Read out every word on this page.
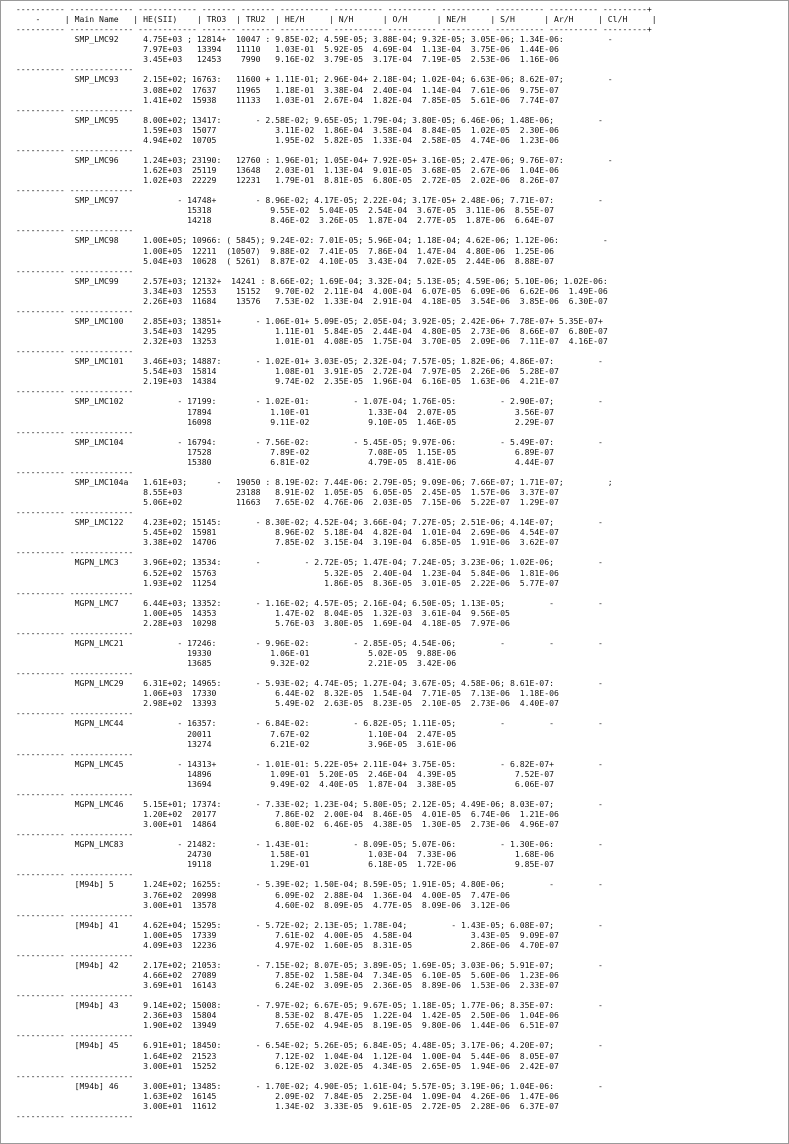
---------- ------------- ------------ ------- ------- ---------- ---------- ---------- ---------- ---------- ---------- ---------+
-     | Main Name   | HE(SII)    | TRO3  | TRU2  | HE/H     | N/H      | O/H      | NE/H     | S/H      | Ar/H     | Cl/H     |
---------- ------------- ------------ ------- ------- ---------- ---------- ---------- ---------- ---------- ---------- ---------+
SMP_LMC92     4.75E+03 ; 12814+  10047 : 9.85E-02; 4.59E-05; 3.88E-04; 9.32E-05; 3.05E-06; 1.34E-06:         -
7.97E+03   13394   11110   1.03E-01  5.92E-05  4.69E-04  1.13E-04  3.75E-06  1.44E-06
3.45E+03   12453    7990   9.16E-02  3.79E-05  3.17E-04  7.19E-05  2.53E-06  1.16E-06
---------- -------------
SMP_LMC93     2.15E+02; 16763:   11600 + 1.11E-01; 2.96E-04+ 2.18E-04; 1.02E-04; 6.63E-06; 8.62E-07;         -
3.08E+02  17637    11965   1.18E-01  3.38E-04  2.40E-04  1.14E-04  7.61E-06  9.75E-07
1.41E+02  15938    11133   1.03E-01  2.67E-04  1.82E-04  7.85E-05  5.61E-06  7.74E-07
---------- -------------
SMP_LMC95     8.00E+02; 13417:       - 2.58E-02; 9.65E-05; 1.79E-04; 3.80E-05; 6.46E-06; 1.48E-06;         -
1.59E+03  15077            3.11E-02  1.86E-04  3.58E-04  8.84E-05  1.02E-05  2.30E-06
4.94E+02  10705            1.95E-02  5.82E-05  1.33E-04  2.58E-05  4.74E-06  1.23E-06
---------- -------------
SMP_LMC96     1.24E+03; 23190:   12760 : 1.96E-01; 1.05E-04+ 7.92E-05+ 3.16E-05; 2.47E-06; 9.76E-07:         -
1.62E+03  25119    13648   2.03E-01  1.13E-04  9.01E-05  3.68E-05  2.67E-06  1.04E-06
1.02E+03  22229    12231   1.79E-01  8.81E-05  6.80E-05  2.72E-05  2.02E-06  8.26E-07
---------- -------------
SMP_LMC97            - 14748+        - 8.96E-02; 4.17E-05; 2.22E-04; 3.17E-05+ 2.48E-06; 7.71E-07:         -
15318            9.55E-02  5.04E-05  2.54E-04  3.67E-05  3.11E-06  8.55E-07
14218            8.46E-02  3.26E-05  1.87E-04  2.77E-05  1.87E-06  6.64E-07
---------- -------------
SMP_LMC98     1.00E+05; 10966: ( 5845); 9.24E-02: 7.01E-05; 5.96E-04; 1.18E-04; 4.62E-06; 1.12E-06:         -
1.00E+05  12211  (10507)  9.88E-02  7.41E-05  7.86E-04  1.47E-04  4.80E-06  1.25E-06
5.04E+03  10628  ( 5261)  8.87E-02  4.10E-05  3.43E-04  7.02E-05  2.44E-06  8.88E-07
---------- -------------
SMP_LMC99     2.57E+03; 12132+  14241 : 8.66E-02; 1.69E-04; 3.32E-04; 5.13E-05; 4.59E-06; 5.10E-06; 1.02E-06:
3.34E+03  12553    15152   9.70E-02  2.11E-04  4.00E-04  6.07E-05  6.09E-06  6.62E-06  1.49E-06
2.26E+03  11684    13576   7.53E-02  1.33E-04  2.91E-04  4.18E-05  3.54E-06  3.85E-06  6.30E-07
---------- -------------
SMP_LMC100    2.85E+03; 13851+       - 1.06E-01+ 5.09E-05; 2.05E-04; 3.92E-05; 2.42E-06+ 7.78E-07+ 5.35E-07+
3.54E+03  14295            1.11E-01  5.84E-05  2.44E-04  4.80E-05  2.73E-06  8.66E-07  6.80E-07
2.32E+03  13253            1.01E-01  4.08E-05  1.75E-04  3.70E-05  2.09E-06  7.11E-07  4.16E-07
---------- -------------
SMP_LMC101    3.46E+03; 14887:       - 1.02E-01+ 3.03E-05; 2.32E-04; 7.57E-05; 1.82E-06; 4.86E-07:         -
5.54E+03  15814            1.08E-01  3.91E-05  2.72E-04  7.97E-05  2.26E-06  5.28E-07
2.19E+03  14384            9.74E-02  2.35E-05  1.96E-04  6.16E-05  1.63E-06  4.21E-07
---------- -------------
SMP_LMC102           - 17199:        - 1.02E-01:         - 1.07E-04; 1.76E-05:         - 2.90E-07;         -
17894            1.10E-01            1.33E-04  2.07E-05            3.56E-07
16098            9.11E-02            9.10E-05  1.46E-05            2.29E-07
---------- -------------
SMP_LMC104           - 16794:        - 7.56E-02:         - 5.45E-05; 9.97E-06:         - 5.49E-07:         -
17528            7.89E-02            7.08E-05  1.15E-05            6.89E-07
15380            6.81E-02            4.79E-05  8.41E-06            4.44E-07
---------- -------------
SMP_LMC104a   1.61E+03;      -   19050 : 8.19E-02: 7.44E-06: 2.79E-05; 9.09E-06; 7.66E-07; 1.71E-07;         ;
8.55E+03           23188   8.91E-02  1.05E-05  6.05E-05  2.45E-05  1.57E-06  3.37E-07
5.06E+02           11663   7.65E-02  4.76E-06  2.03E-05  7.15E-06  5.22E-07  1.29E-07
---------- -------------
SMP_LMC122    4.23E+02; 15145:       - 8.30E-02; 4.52E-04; 3.66E-04; 7.27E-05; 2.51E-06; 4.14E-07;         -
5.45E+02  15981            8.96E-02  5.18E-04  4.82E-04  1.01E-04  2.69E-06  4.54E-07
3.38E+02  14706            7.85E-02  3.15E-04  3.19E-04  6.85E-05  1.91E-06  3.62E-07
---------- -------------
MGPN_LMC3     3.96E+02; 13534:       -         - 2.72E-05; 1.47E-04; 7.24E-05; 3.23E-06; 1.02E-06;         -
6.52E+02  15763                      5.32E-05  2.40E-04  1.23E-04  5.84E-06  1.81E-06
1.93E+02  11254                      1.86E-05  8.36E-05  3.01E-05  2.22E-06  5.77E-07
---------- -------------
MGPN_LMC7     6.44E+03; 13352:       - 1.16E-02; 4.57E-05; 2.16E-04; 6.50E-05; 1.13E-05;         -         -
1.00E+05  14353            1.47E-02  8.04E-05  1.32E-03  3.61E-04  9.56E-05
2.28E+03  10298            5.76E-03  3.80E-05  1.69E-04  4.18E-05  7.97E-06
---------- -------------
MGPN_LMC21           - 17246:        - 9.96E-02:         - 2.85E-05; 4.54E-06;         -         -         -
19330            1.06E-01            5.02E-05  9.88E-06
13685            9.32E-02            2.21E-05  3.42E-06
---------- -------------
MGPN_LMC29    6.31E+02; 14965:       - 5.93E-02; 4.74E-05; 1.27E-04; 3.67E-05; 4.58E-06; 8.61E-07:         -
1.06E+03  17330            6.44E-02  8.32E-05  1.54E-04  7.71E-05  7.13E-06  1.18E-06
2.98E+02  13393            5.49E-02  2.63E-05  8.23E-05  2.10E-05  2.73E-06  4.40E-07
---------- -------------
MGPN_LMC44           - 16357:        - 6.84E-02:         - 6.82E-05; 1.11E-05;         -         -         -
20011            7.67E-02            1.10E-04  2.47E-05
13274            6.21E-02            3.96E-05  3.61E-06
---------- -------------
MGPN_LMC45           - 14313+        - 1.01E-01: 5.22E-05+ 2.11E-04+ 3.75E-05:         - 6.82E-07+         -
14896            1.09E-01  5.20E-05  2.46E-04  4.39E-05            7.52E-07
13694            9.49E-02  4.40E-05  1.87E-04  3.38E-05            6.06E-07
---------- -------------
MGPN_LMC46    5.15E+01; 17374:       - 7.33E-02; 1.23E-04; 5.80E-05; 2.12E-05; 4.49E-06; 8.03E-07;         -
1.20E+02  20177            7.86E-02  2.00E-04  8.46E-05  4.01E-05  6.74E-06  1.21E-06
3.00E+01  14864            6.80E-02  6.46E-05  4.38E-05  1.30E-05  2.73E-06  4.96E-07
---------- -------------
MGPN_LMC83           - 21482:        - 1.43E-01:         - 8.09E-05; 5.07E-06:         - 1.30E-06:         -
24730            1.58E-01            1.03E-04  7.33E-06            1.68E-06
19118            1.29E-01            6.18E-05  1.72E-06            9.85E-07
---------- -------------
[M94b] 5      1.24E+02; 16255:       - 5.39E-02; 1.50E-04; 8.59E-05; 1.91E-05; 4.80E-06;         -         -
3.76E+02  20998            6.09E-02  2.88E-04  1.36E-04  4.00E-05  7.47E-06
3.00E+01  13578            4.60E-02  8.09E-05  4.77E-05  8.09E-06  3.12E-06
---------- -------------
[M94b] 41     4.62E+04; 15295:       - 5.72E-02; 2.13E-05; 1.78E-04;         - 1.43E-05; 6.08E-07;         -
1.00E+05  17339            7.61E-02  4.00E-05  4.58E-04            3.43E-05  9.09E-07
4.09E+03  12236            4.97E-02  1.60E-05  8.31E-05            2.86E-06  4.70E-07
---------- -------------
[M94b] 42     2.17E+02; 21053:       - 7.15E-02; 8.07E-05; 3.89E-05; 1.69E-05; 3.03E-06; 5.91E-07;         -
4.66E+02  27089            7.85E-02  1.58E-04  7.34E-05  6.10E-05  5.60E-06  1.23E-06
3.69E+01  16143            6.24E-02  3.09E-05  2.36E-05  8.89E-06  1.53E-06  2.33E-07
---------- -------------
[M94b] 43     9.14E+02; 15008:       - 7.97E-02; 6.67E-05; 9.67E-05; 1.18E-05; 1.77E-06; 8.35E-07:         -
2.36E+03  15804            8.53E-02  8.47E-05  1.22E-04  1.42E-05  2.50E-06  1.04E-06
1.90E+02  13949            7.65E-02  4.94E-05  8.19E-05  9.80E-06  1.44E-06  6.51E-07
---------- -------------
[M94b] 45     6.91E+01; 18450:       - 6.54E-02; 5.26E-05; 6.84E-05; 4.48E-05; 3.17E-06; 4.20E-07;         -
1.64E+02  21523            7.12E-02  1.04E-04  1.12E-04  1.00E-04  5.44E-06  8.05E-07
3.00E+01  15252            6.12E-02  3.02E-05  4.34E-05  2.65E-05  1.94E-06  2.42E-07
---------- -------------
[M94b] 46     3.00E+01; 13485:       - 1.70E-02; 4.90E-05; 1.61E-04; 5.57E-05; 3.19E-06; 1.04E-06:         -
1.63E+02  16145            2.09E-02  7.84E-05  2.25E-04  1.09E-04  4.26E-06  1.47E-06
3.00E+01  11612            1.34E-02  3.33E-05  9.61E-05  2.72E-05  2.28E-06  6.37E-07
---------- -------------
